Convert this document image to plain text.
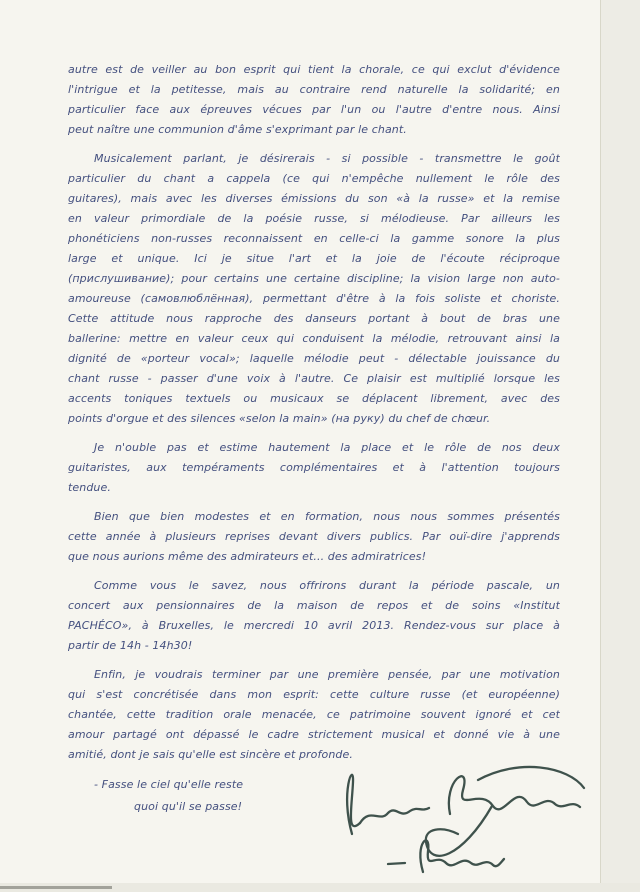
autre est de veiller au bon esprit qui tient la chorale, ce qui exclut d'évidence
l'intrigue et la petitesse, mais au contraire rend naturelle la solidarité; en
particulier face aux épreuves vécues par l'un ou l'autre d'entre nous. Ainsi
peut naître une communion d'âme s'exprimant par le chant.
Musicalement parlant, je désirerais - si possible - transmettre le goût
particulier du chant a cappela (ce qui n'empêche nullement le rôle des
guitares), mais avec les diverses émissions du son «à la russe» et la remise
en valeur primordiale de la poésie russe, si mélodieuse. Par ailleurs les
phonéticiens non-russes reconnaissent en celle-ci la gamme sonore la plus
large et unique. Ici je situe l'art et la joie de l'écoute réciproque
(прислушивание); pour certains une certaine discipline; la vision large non auto-
amoureuse (самовлюблённая), permettant d'être à la fois soliste et choriste.
Cette attitude nous rapproche des danseurs portant à bout de bras une
ballerine: mettre en valeur ceux qui conduisent la mélodie, retrouvant ainsi la
dignité de «porteur vocal»; laquelle mélodie peut - délectable jouissance du
chant russe - passer d'une voix à l'autre. Ce plaisir est multiplié lorsque les
accents toniques textuels ou musicaux se déplacent librement, avec des
points d'orgue et des silences «selon la main» (на руку) du chef de chœur.
Je n'ouble pas et estime hautement la place et le rôle de nos deux
guitaristes, aux tempéraments complémentaires et à l'attention toujours
tendue.
Bien que bien modestes et en formation, nous nous sommes présentés
cette année à plusieurs reprises devant divers publics. Par ouï-dire j'apprends
que nous aurions même des admirateurs et... des admiratrices!
Comme vous le savez, nous offrirons durant la période pascale, un
concert aux pensionnaires de la maison de repos et de soins «Institut
PACHÉCO», à Bruxelles, le mercredi 10 avril 2013. Rendez-vous sur place à
partir de 14h - 14h30!
Enfin, je voudrais terminer par une première pensée, par une motivation
qui s'est concrétisée dans mon esprit: cette culture russe (et européenne)
chantée, cette tradition orale menacée, ce patrimoine souvent ignoré et cet
amour partagé ont dépassé le cadre strictement musical et donné vie à une
amitié, dont je sais qu'elle est sincère et profonde.
- Fasse le ciel qu'elle reste
quoi qu'il se passe!
